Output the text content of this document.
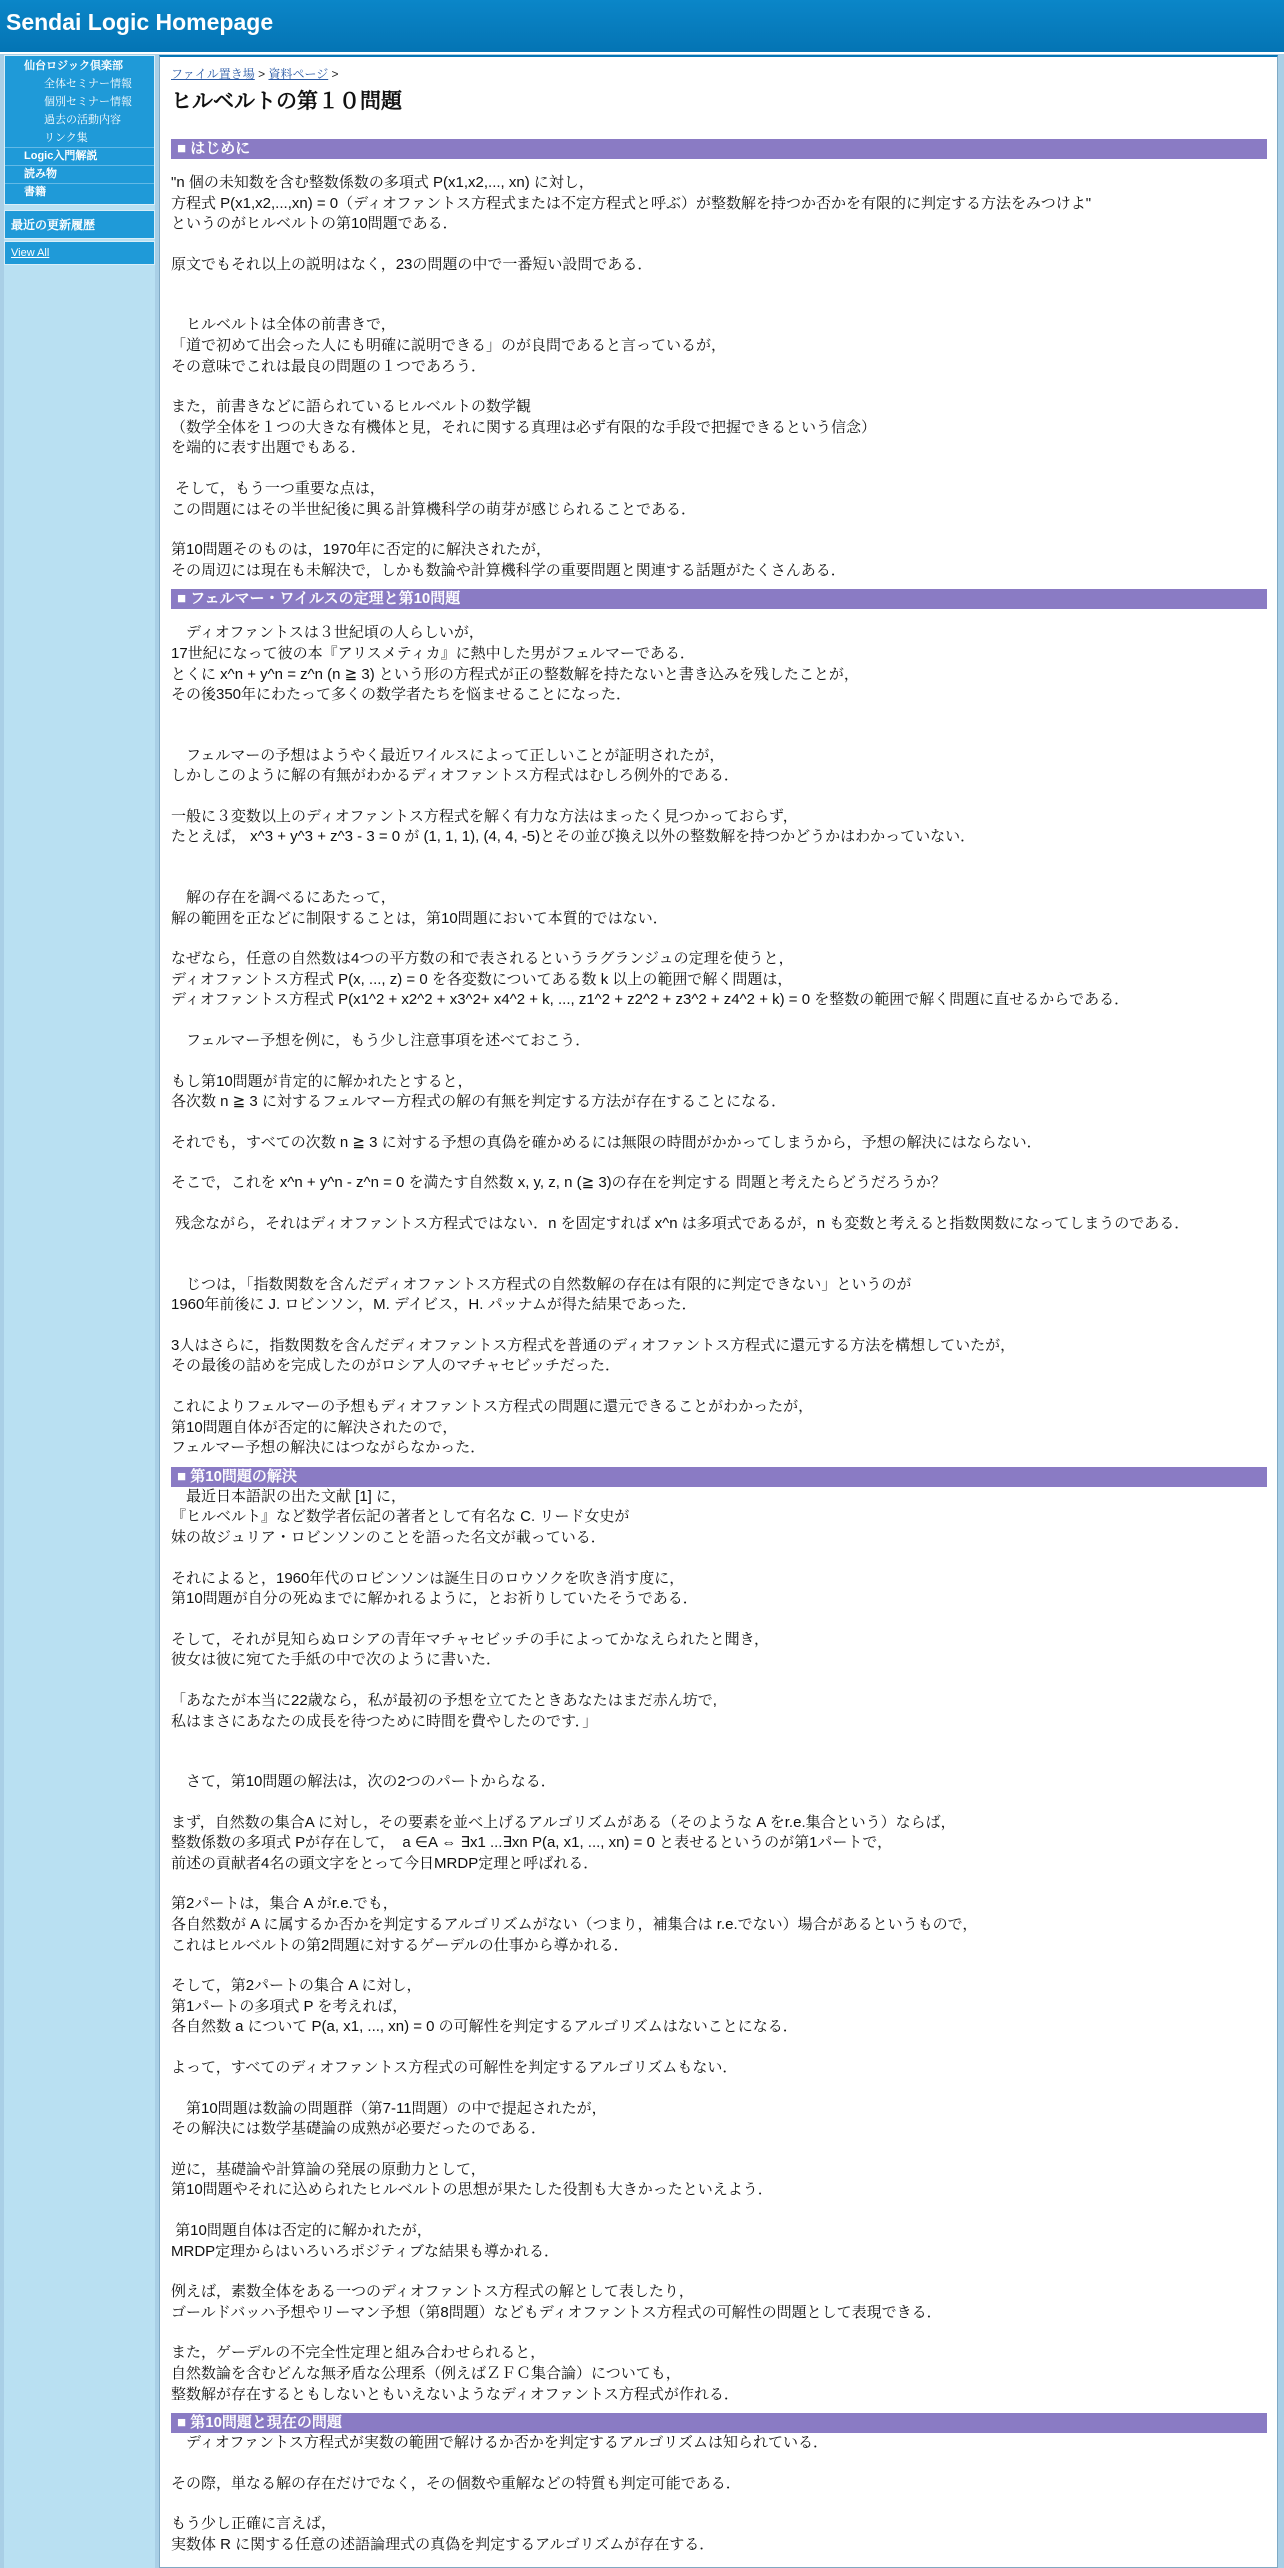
Sendai Logic Homepage
仙台ロジック倶楽部
全体セミナー情報
個別セミナー情報
過去の活動内容
リンク集
Logic入門解説
読み物
書籍
最近の更新履歴
View All
ファイル置き場 > 資料ページ >
ヒルベルトの第１０問題
■ はじめに

"n 個の未知数を含む整数係数の多項式 P(x1,x2,..., xn) に対し，
方程式 P(x1,x2,...,xn) = 0（ディオファントス方程式または不定方程式と呼ぶ）が整数解を持つか否かを有限的に判定する方法をみつけよ"
というのがヒルベルトの第10問題である．

原文でもそれ以上の説明はなく，23の問題の中で一番短い設問である．

　ヒルベルトは全体の前書きで，
「道で初めて出会った人にも明確に説明できる」のが良問であると言っているが，
その意味でこれは最良の問題の１つであろう．

また，前書きなどに語られているヒルベルトの数学観
（数学全体を１つの大きな有機体と見，それに関する真理は必ず有限的な手段で把握できるという信念）
を端的に表す出題でもある．

そして，もう一つ重要な点は，
この問題にはその半世紀後に興る計算機科学の萌芽が感じられることである．

第10問題そのものは，1970年に否定的に解決されたが，
その周辺には現在も未解決で，しかも数論や計算機科学の重要問題と関連する話題がたくさんある．

■ フェルマー・ワイルスの定理と第10問題

　ディオファントスは３世紀頃の人らしいが，
17世紀になって彼の本『アリスメティカ』に熱中した男がフェルマーである．
とくに x^n + y^n = z^n (n ≧ 3) という形の方程式が正の整数解を持たないと書き込みを残したことが，
その後350年にわたって多くの数学者たちを悩ませることになった．

　フェルマーの予想はようやく最近ワイルスによって正しいことが証明されたが，
しかしこのように解の有無がわかるディオファントス方程式はむしろ例外的である．

一般に３変数以上のディオファントス方程式を解く有力な方法はまったく見つかっておらず，
たとえば， x^3 + y^3 + z^3 - 3 = 0 が (1, 1, 1), (4, 4, -5)とその並び換え以外の整数解を持つかどうかはわかっていない．

　解の存在を調べるにあたって，
解の範囲を正などに制限することは，第10問題において本質的ではない．

なぜなら，任意の自然数は4つの平方数の和で表されるというラグランジュの定理を使うと，
ディオファントス方程式 P(x, ..., z) = 0 を各変数についてある数 k 以上の範囲で解く問題は，
ディオファントス方程式 P(x1^2 + x2^2 + x3^2+ x4^2 + k, ..., z1^2 + z2^2 + z3^2 + z4^2 + k) = 0 を整数の範囲で解く問題に直せるからである．

　フェルマー予想を例に，もう少し注意事項を述べておこう．

もし第10問題が肯定的に解かれたとすると，
各次数 n ≧ 3 に対するフェルマー方程式の解の有無を判定する方法が存在することになる．

それでも，すべての次数 n ≧ 3 に対する予想の真偽を確かめるには無限の時間がかかってしまうから，予想の解決にはならない．

そこで，これを x^n + y^n - z^n = 0 を満たす自然数 x, y, z, n (≧ 3)の存在を判定する 問題と考えたらどうだろうか？

残念ながら，それはディオファントス方程式ではない．n を固定すれば x^n は多項式であるが，n も変数と考えると指数関数になってしまうのである．

　じつは，「指数関数を含んだディオファントス方程式の自然数解の存在は有限的に判定できない」というのが
1960年前後に J. ロビンソン，M. デイビス，H. パッナムが得た結果であった．

3人はさらに，指数関数を含んだディオファントス方程式を普通のディオファントス方程式に還元する方法を構想していたが，
その最後の詰めを完成したのがロシア人のマチャセビッチだった．

これによりフェルマーの予想もディオファントス方程式の問題に還元できることがわかったが，
第10問題自体が否定的に解決されたので，
フェルマー予想の解決にはつながらなかった．

■ 第10問題の解決

　最近日本語訳の出た文献 [1] に，
『ヒルベルト』など数学者伝記の著者として有名な C. リード女史が
妹の故ジュリア・ロビンソンのことを語った名文が載っている．

それによると，1960年代のロビンソンは誕生日のロウソクを吹き消す度に，
第10問題が自分の死ぬまでに解かれるように，とお祈りしていたそうである．

そして，それが見知らぬロシアの青年マチャセビッチの手によってかなえられたと聞き，
彼女は彼に宛てた手紙の中で次のように書いた．

「あなたが本当に22歳なら，私が最初の予想を立てたときあなたはまだ赤ん坊で,
私はまさにあなたの成長を待つために時間を費やしたのです．」

　さて，第10問題の解法は，次の2つのパートからなる．

まず，自然数の集合A に対し，その要素を並べ上げるアルゴリズムがある（そのような A をr.e.集合という）ならば，
整数係数の多項式 Pが存在して，　a ∈A ⇔ ∃x1 ...∃xn P(a, x1, ..., xn) = 0 と表せるというのが第1パートで，
前述の貢献者4名の頭文字をとって今日MRDP定理と呼ばれる．

第2パートは，集合 A がr.e.でも，
各自然数が A に属するか否かを判定するアルゴリズムがない（つまり，補集合は r.e.でない）場合があるというもので，
これはヒルベルトの第2問題に対するゲーデルの仕事から導かれる．

そして，第2パートの集合 A に対し，
第1パートの多項式 P を考えれば，
各自然数 a について P(a, x1, ..., xn) = 0 の可解性を判定するアルゴリズムはないことになる．

よって，すべてのディオファントス方程式の可解性を判定するアルゴリズムもない．

　第10問題は数論の問題群（第7-11問題）の中で提起されたが，
その解決には数学基礎論の成熟が必要だったのである．

逆に，基礎論や計算論の発展の原動力として，
第10問題やそれに込められたヒルベルトの思想が果たした役割も大きかったといえよう．

第10問題自体は否定的に解かれたが，
MRDP定理からはいろいろポジティブな結果も導かれる．

例えば，素数全体をある一つのディオファントス方程式の解として表したり，
ゴールドバッハ予想やリーマン予想（第8問題）などもディオファントス方程式の可解性の問題として表現できる．

また，ゲーデルの不完全性定理と組み合わせられると，
自然数論を含むどんな無矛盾な公理系（例えばＺＦＣ集合論）についても，
整数解が存在するともしないともいえないようなディオファントス方程式が作れる．

■ 第10問題と現在の問題

　ディオファントス方程式が実数の範囲で解けるか否かを判定するアルゴリズムは知られている．

その際，単なる解の存在だけでなく，その個数や重解などの特質も判定可能である．

もう少し正確に言えば，
実数体 R に関する任意の述語論理式の真偽を判定するアルゴリズムが存在する．
